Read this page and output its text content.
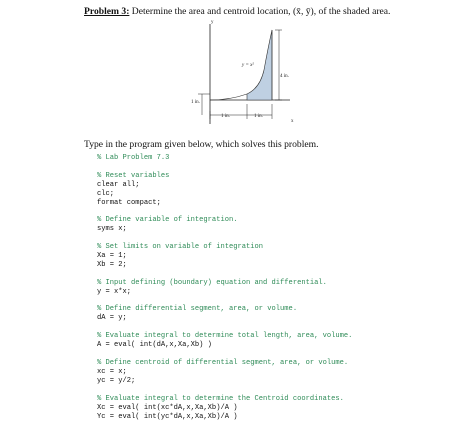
Problem 3: Determine the area and centroid location, (x̄, ȳ), of the shaded area.
y
x
y = x²
4 in.
1 in.
1 in.	1 in.
Type in the program given below, which solves this problem.
% Lab Problem 7.3
% Reset variables
clear all;
clc;
format compact;
% Define variable of integration.
syms x;
% Set limits on variable of integration
Xa = 1;
Xb = 2;
% Input defining (boundary) equation and differential.
y = x*x;
% Define differential segment, area, or volume.
dA = y;
% Evaluate integral to determine total length, area, volume.
A = eval( int(dA,x,Xa,Xb) )
% Define centroid of differential segment, area, or volume.
xc = x;
yc = y/2;
% Evaluate integral to determine the Centroid coordinates.
Xc = eval( int(xc*dA,x,Xa,Xb)/A )
Yc = eval( int(yc*dA,x,Xa,Xb)/A )
